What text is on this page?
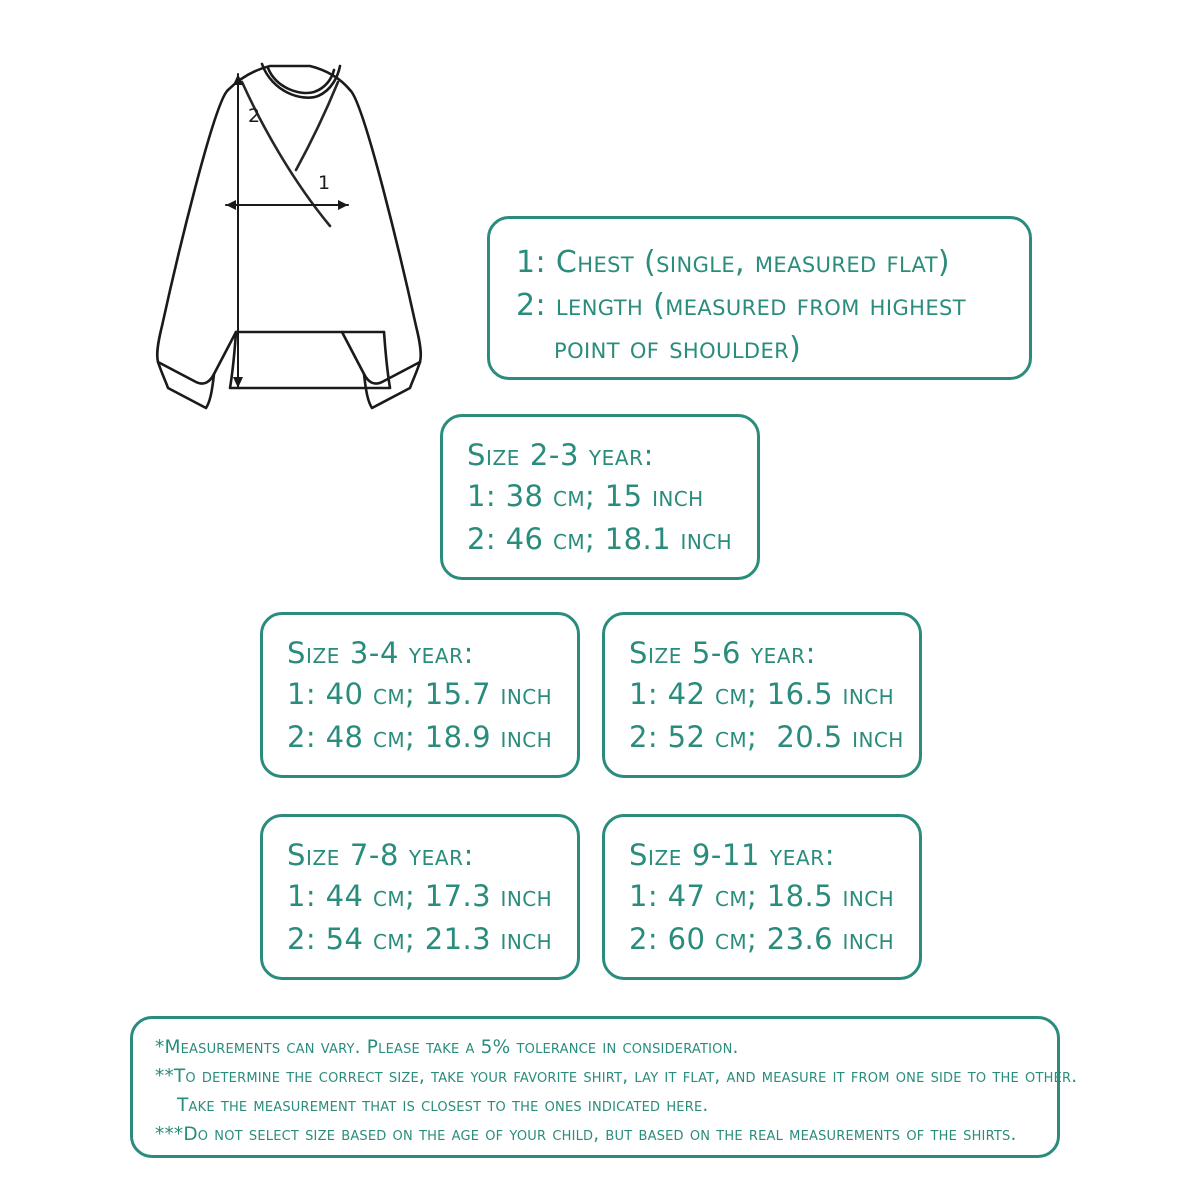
2
1
1: Chest (single, measured flat)
2: length (measured from highest
point of shoulder)
Size 2-3 year:
1: 38 cm; 15 inch
2: 46 cm; 18.1 inch
Size 3-4 year:
1: 40 cm; 15.7 inch
2: 48 cm; 18.9 inch
Size 5-6 year:
1: 42 cm; 16.5 inch
2: 52 cm;  20.5 inch
Size 7-8 year:
1: 44 cm; 17.3 inch
2: 54 cm; 21.3 inch
Size 9-11 year:
1: 47 cm; 18.5 inch
2: 60 cm; 23.6 inch
*Measurements can vary. Please take a 5% tolerance in consideration.
**To determine the correct size, take your favorite shirt, lay it flat, and measure it from one side to the other.
Take the measurement that is closest to the ones indicated here.
***Do not select size based on the age of your child, but based on the real measurements of the shirts.
